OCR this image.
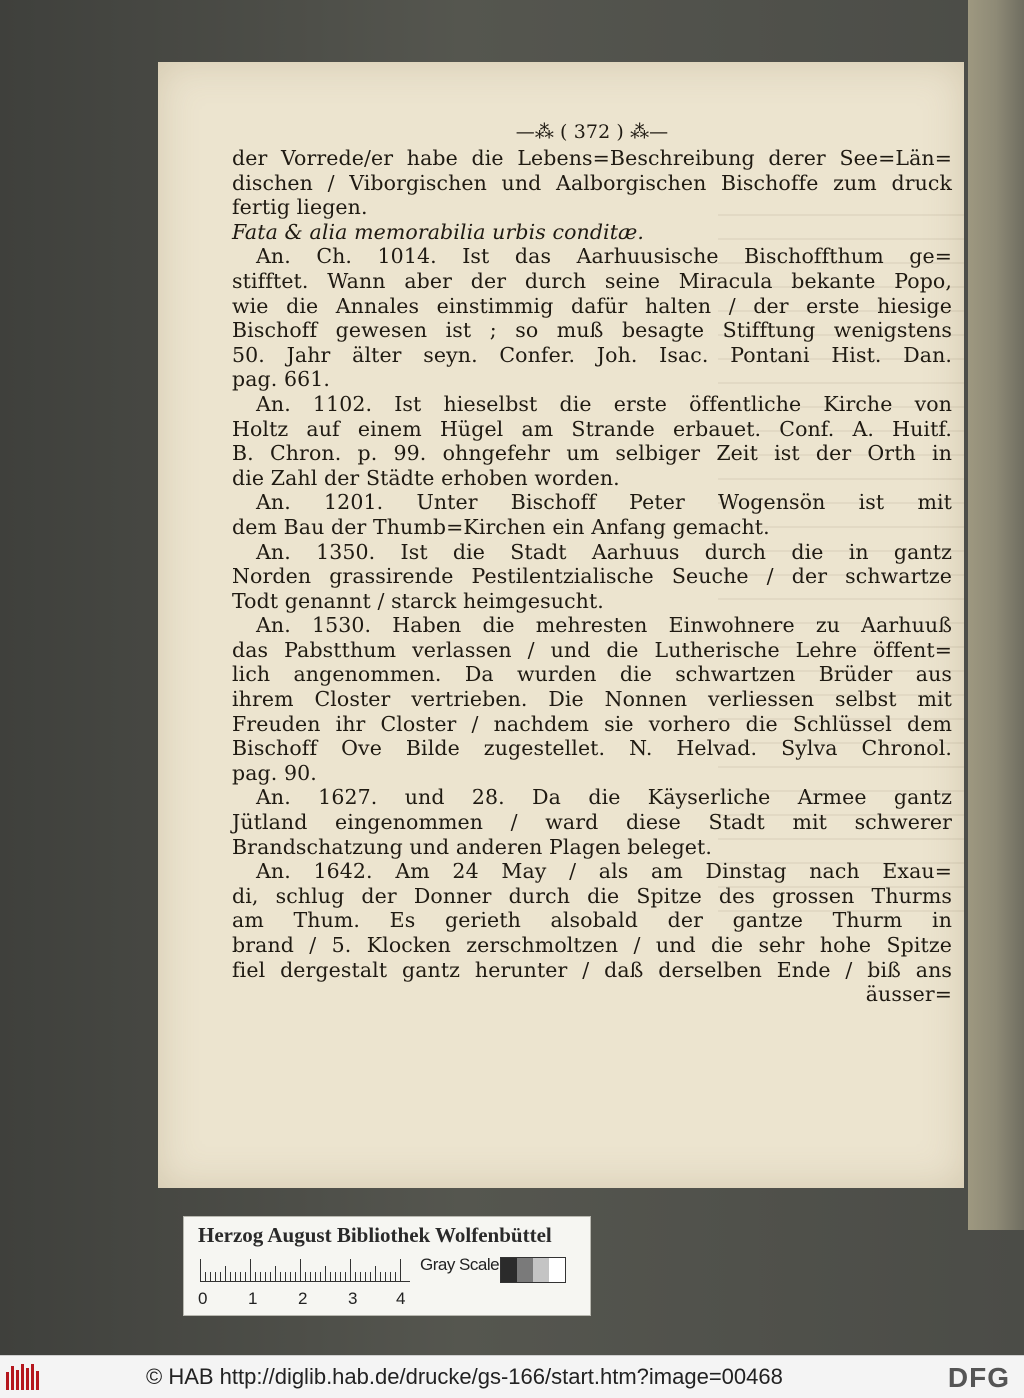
—‍⁂ ( 372 ) ⁂—
der Vorrede/er habe die Lebens=Beschreibung derer See=Län=
dischen / Viborgischen und Aalborgischen Bischoffe zum druck
fertig liegen.
Fata & alia memorabilia urbis conditæ.
An. Ch. 1014. Ist das Aarhuusische Bischoffthum ge=
stifftet. Wann aber der durch seine Miracula bekante Popo,
wie die Annales einstimmig dafür halten / der erste hiesige
Bischoff gewesen ist ; so muß besagte Stifftung wenigstens
50. Jahr älter seyn. Confer. Joh. Isac. Pontani Hist. Dan.
pag. 661.
An. 1102. Ist hieselbst die erste öffentliche Kirche von
Holtz auf einem Hügel am Strande erbauet. Conf. A. Huitf.
B. Chron. p. 99. ohngefehr um selbiger Zeit ist der Orth in
die Zahl der Städte erhoben worden.
An. 1201. Unter Bischoff Peter Wogensön ist mit
dem Bau der Thumb=Kirchen ein Anfang gemacht.
An. 1350. Ist die Stadt Aarhuus durch die in gantz
Norden grassirende Pestilentzialische Seuche / der schwartze
Todt genannt / starck heimgesucht.
An. 1530. Haben die mehresten Einwohnere zu Aarhuuß
das Pabstthum verlassen / und die Lutherische Lehre öffent=
lich angenommen. Da wurden die schwartzen Brüder aus
ihrem Closter vertrieben. Die Nonnen verliessen selbst mit
Freuden ihr Closter / nachdem sie vorhero die Schlüssel dem
Bischoff Ove Bilde zugestellet. N. Helvad. Sylva Chronol.
pag. 90.
An. 1627. und 28. Da die Käyserliche Armee gantz
Jütland eingenommen / ward diese Stadt mit schwerer
Brandschatzung und anderen Plagen beleget.
An. 1642. Am 24 May / als am Dinstag nach Exau=
di, schlug der Donner durch die Spitze des grossen Thurms
am Thum. Es gerieth alsobald der gantze Thurm in
brand / 5. Klocken zerschmoltzen / und die sehr hohe Spitze
fiel dergestalt gantz herunter / daß derselben Ende / biß ans
äusser=
Herzog August Bibliothek Wolfenbüttel
0 1 2 3 4
Gray Scale
© HAB http://diglib.hab.de/drucke/gs-166/start.htm?image=00468	DFG
